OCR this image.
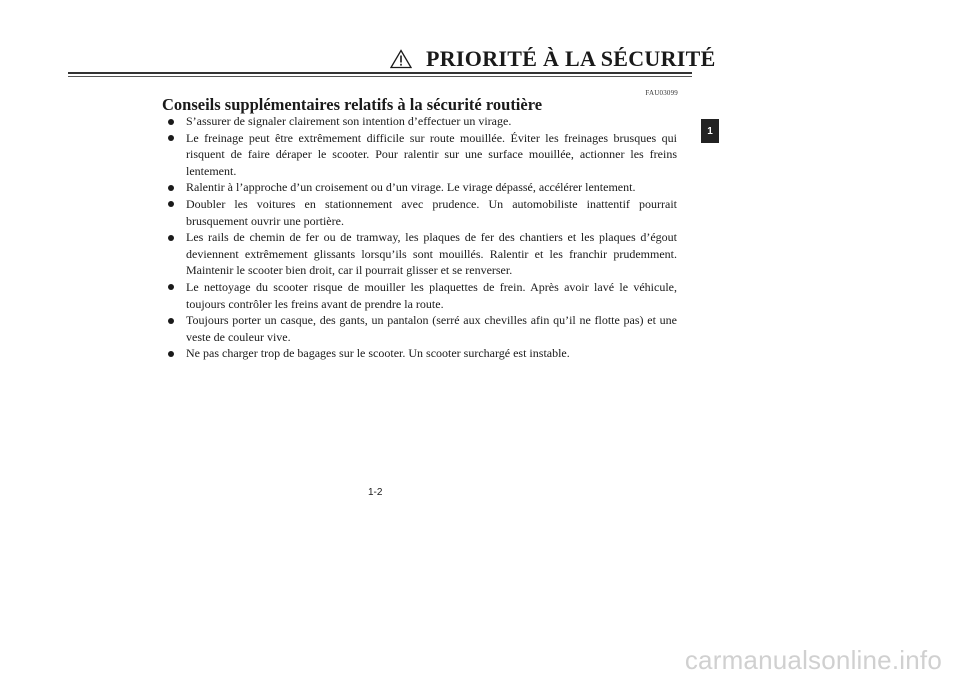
PRIORITÉ À LA SÉCURITÉ
FAU03099
Conseils supplémentaires relatifs à la sécurité routière
S’assurer de signaler clairement son intention d’effectuer un virage.
Le freinage peut être extrêmement difficile sur route mouillée. Éviter les freinages brusques qui risquent de faire déraper le scooter. Pour ralentir sur une surface mouillée, actionner les freins lentement.
Ralentir à l’approche d’un croisement ou d’un virage. Le virage dépassé, accélérer lentement.
Doubler les voitures en stationnement avec prudence. Un automobiliste inattentif pourrait brusquement ouvrir une portière.
Les rails de chemin de fer ou de tramway, les plaques de fer des chantiers et les plaques d’égout deviennent extrêmement glissants lorsqu’ils sont mouillés. Ralentir et les franchir prudemment. Maintenir le scooter bien droit, car il pourrait glisser et se renverser.
Le nettoyage du scooter risque de mouiller les plaquettes de frein. Après avoir lavé le véhicule, toujours contrôler les freins avant de prendre la route.
Toujours porter un casque, des gants, un pantalon (serré aux chevilles afin qu’il ne flotte pas) et une veste de couleur vive.
Ne pas charger trop de bagages sur le scooter. Un scooter surchargé est instable.
1
1-2
carmanualsonline.info
